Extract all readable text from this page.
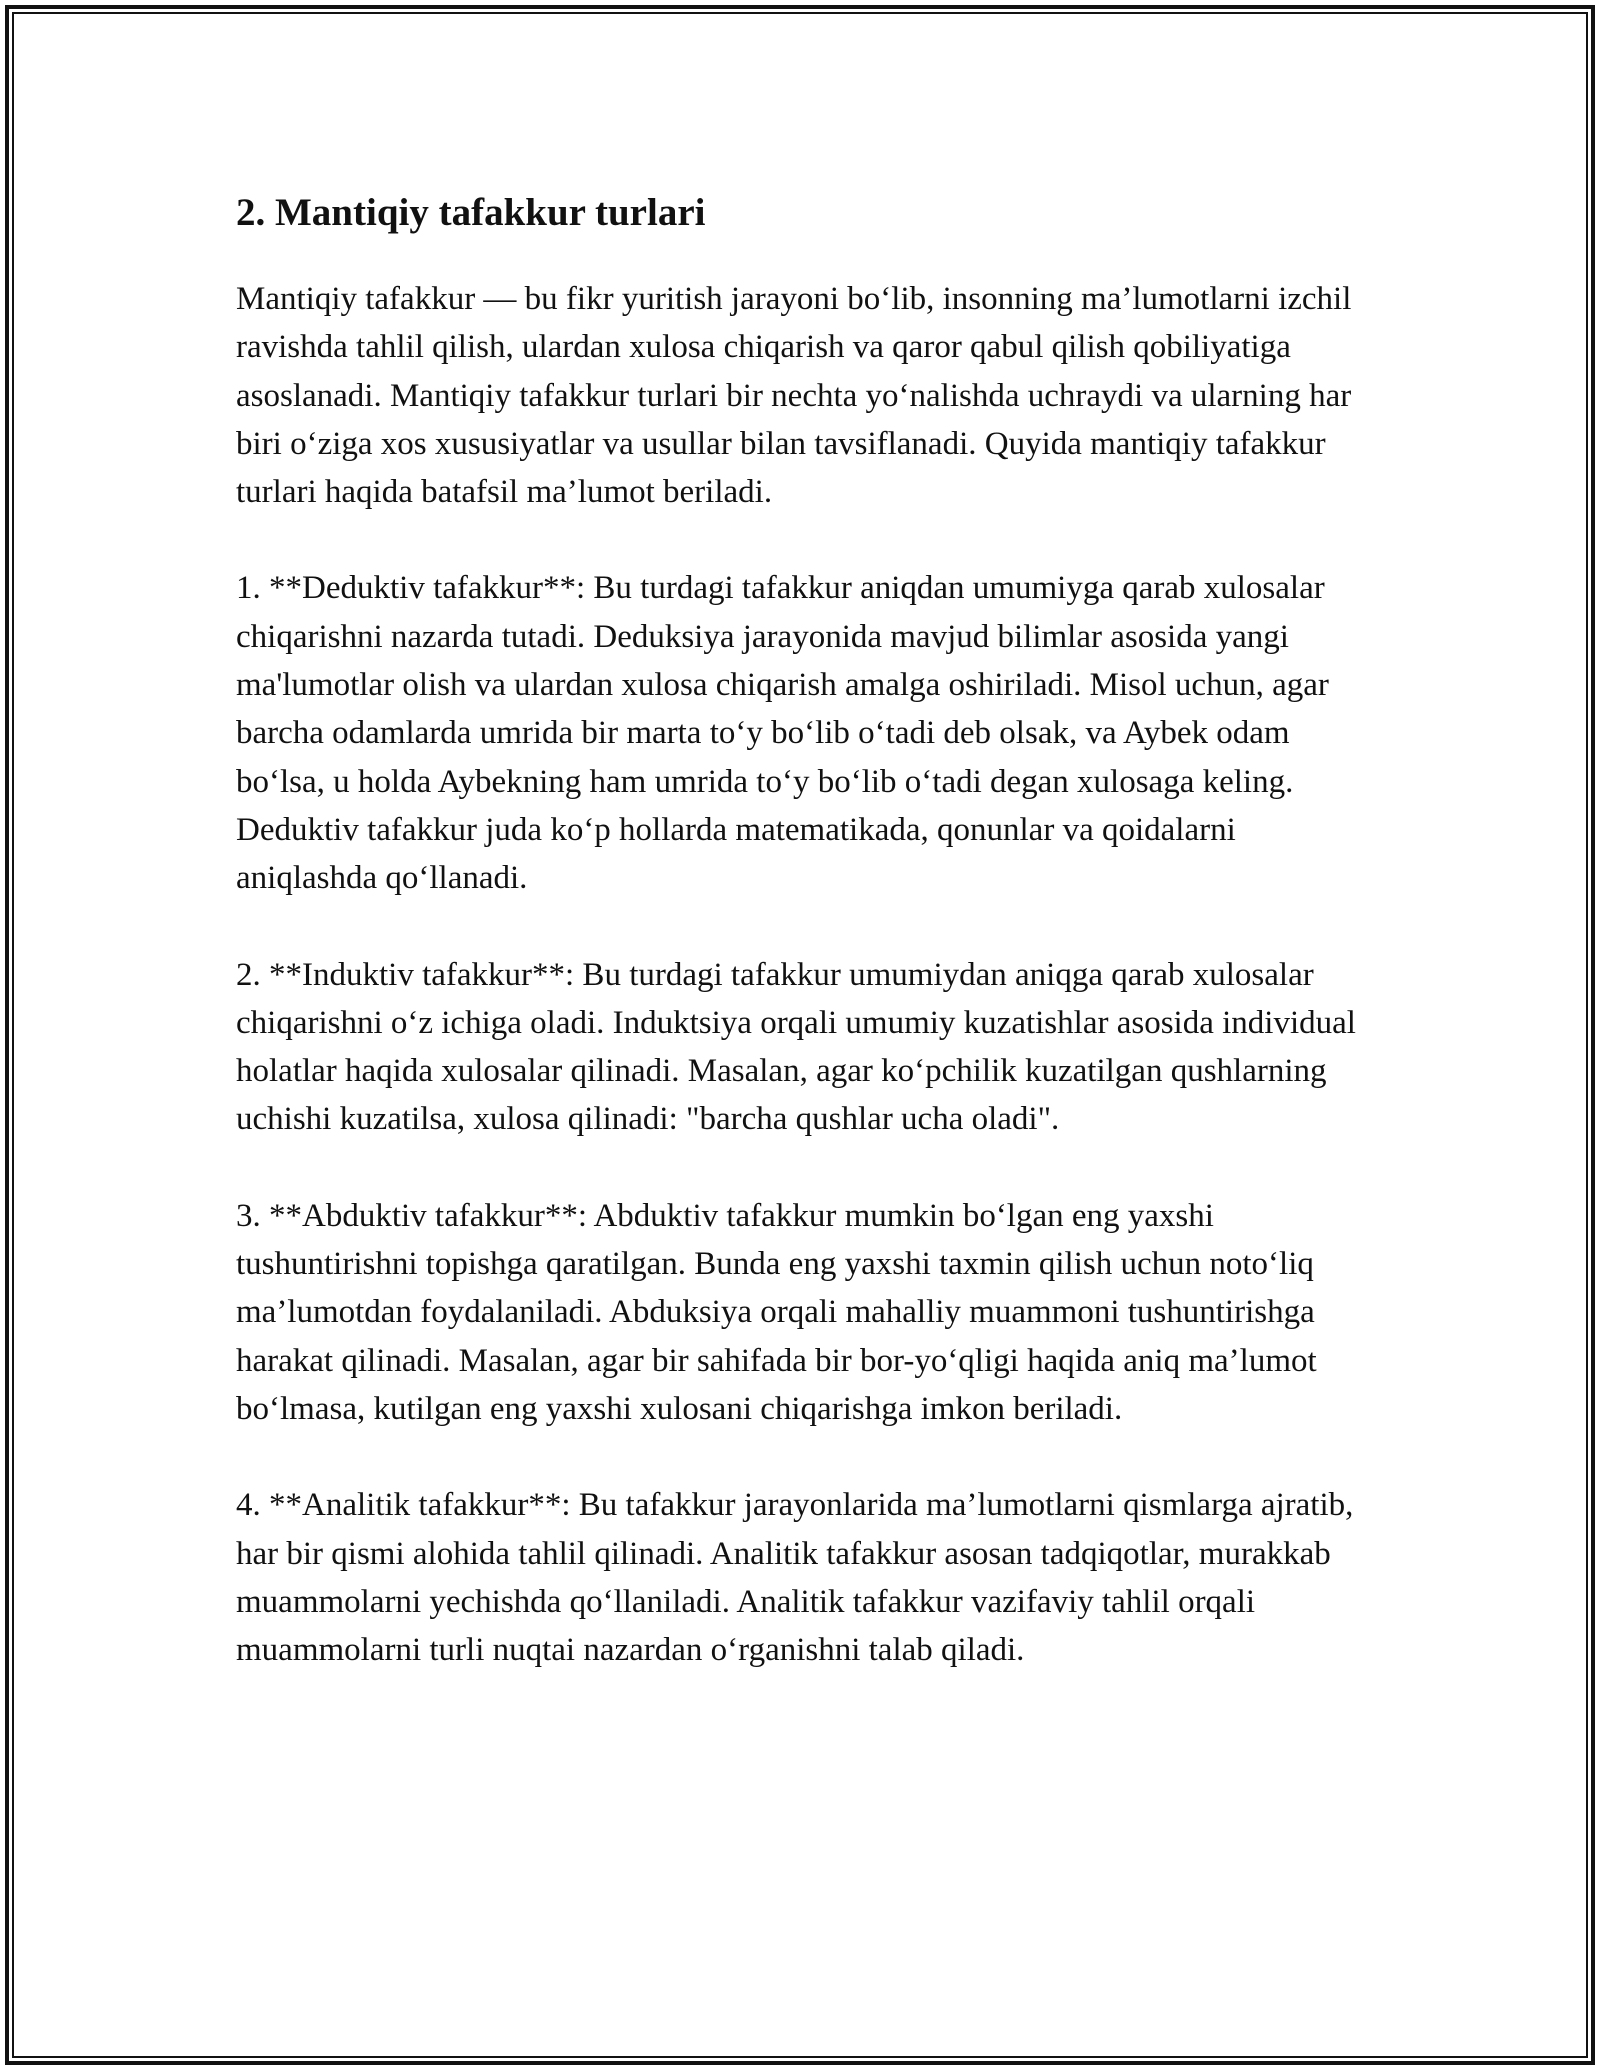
2. Mantiqiy tafakkur turlari

Mantiqiy tafakkur — bu fikr yuritish jarayoni bo‘lib, insonning ma’lumotlarni izchil ravishda tahlil qilish, ulardan xulosa chiqarish va qaror qabul qilish qobiliyatiga asoslanadi. Mantiqiy tafakkur turlari bir nechta yo‘nalishda uchraydi va ularning har biri o‘ziga xos xususiyatlar va usullar bilan tavsiflanadi. Quyida mantiqiy tafakkur turlari haqida batafsil ma’lumot beriladi.

1. **Deduktiv tafakkur**: Bu turdagi tafakkur aniqdan umumiyga qarab xulosalar chiqarishni nazarda tutadi. Deduksiya jarayonida mavjud bilimlar asosida yangi ma'lumotlar olish va ulardan xulosa chiqarish amalga oshiriladi. Misol uchun, agar barcha odamlarda umrida bir marta to‘y bo‘lib o‘tadi deb olsak, va Aybek odam bo‘lsa, u holda Aybekning ham umrida to‘y bo‘lib o‘tadi degan xulosaga keling. Deduktiv tafakkur juda ko‘p hollarda matematikada, qonunlar va qoidalarni aniqlashda qo‘llanadi.

2. **Induktiv tafakkur**: Bu turdagi tafakkur umumiydan aniqga qarab xulosalar chiqarishni o‘z ichiga oladi. Induktsiya orqali umumiy kuzatishlar asosida individual holatlar haqida xulosalar qilinadi. Masalan, agar ko‘pchilik kuzatilgan qushlarning uchishi kuzatilsa, xulosa qilinadi: "barcha qushlar ucha oladi".

3. **Abduktiv tafakkur**: Abduktiv tafakkur mumkin bo‘lgan eng yaxshi tushuntirishni topishga qaratilgan. Bunda eng yaxshi taxmin qilish uchun noto‘liq ma’lumotdan foydalaniladi. Abduksiya orqali mahalliy muammoni tushuntirishga harakat qilinadi. Masalan, agar bir sahifada bir bor-yo‘qligi haqida aniq ma’lumot bo‘lmasa, kutilgan eng yaxshi xulosani chiqarishga imkon beriladi.

4. **Analitik tafakkur**: Bu tafakkur jarayonlarida ma’lumotlarni qismlarga ajratib, har bir qismi alohida tahlil qilinadi. Analitik tafakkur asosan tadqiqotlar, murakkab muammolarni yechishda qo‘llaniladi. Analitik tafakkur vazifaviy tahlil orqali muammolarni turli nuqtai nazardan o‘rganishni talab qiladi.
